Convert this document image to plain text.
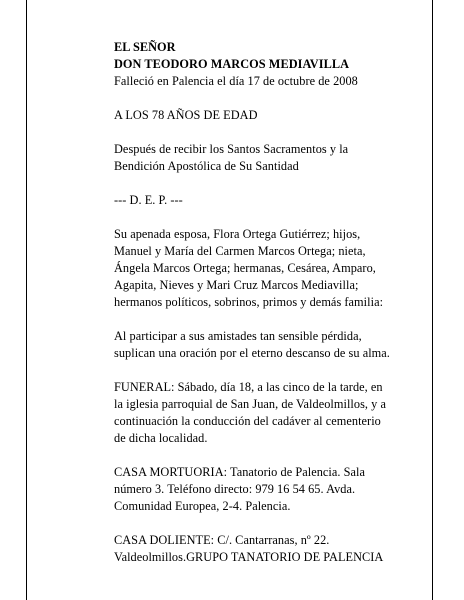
EL SEÑOR

DON TEODORO MARCOS MEDIAVILLA

Falleció en Palencia el día 17 de octubre de 2008

A LOS 78 AÑOS DE EDAD

Después de recibir los Santos Sacramentos y la

Bendición Apostólica de Su Santidad

--- D. E. P. ---

Su apenada esposa, Flora Ortega Gutiérrez; hijos,

Manuel y María del Carmen Marcos Ortega; nieta,

Ángela Marcos Ortega; hermanas, Cesárea, Amparo,

Agapita, Nieves y Mari Cruz Marcos Mediavilla;

hermanos políticos, sobrinos, primos y demás familia:

Al participar a sus amistades tan sensible pérdida,

suplican una oración por el eterno descanso de su alma.

FUNERAL: Sábado, día 18, a las cinco de la tarde, en

la iglesia parroquial de San Juan, de Valdeolmillos, y a

continuación la conducción del cadáver al cementerio

de dicha localidad.

CASA MORTUORIA: Tanatorio de Palencia. Sala

número 3. Teléfono directo: 979 16 54 65. Avda.

Comunidad Europea, 2-4. Palencia.

CASA DOLIENTE: C/. Cantarranas, nº 22.

Valdeolmillos.GRUPO TANATORIO DE PALENCIA
